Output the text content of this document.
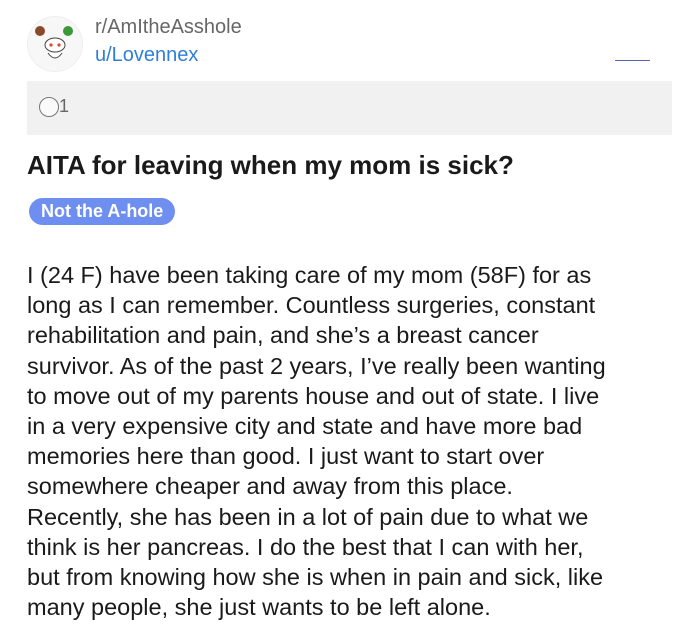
r/AmItheAsshole
u/Lovennex
1
AITA for leaving when my mom is sick?
Not the A-hole
I (24 F) have been taking care of my mom (58F) for as
long as I can remember. Countless surgeries, constant
rehabilitation and pain, and she’s a breast cancer
survivor. As of the past 2 years, I’ve really been wanting
to move out of my parents house and out of state. I live
in a very expensive city and state and have more bad
memories here than good. I just want to start over
somewhere cheaper and away from this place.
Recently, she has been in a lot of pain due to what we
think is her pancreas. I do the best that I can with her,
but from knowing how she is when in pain and sick, like
many people, she just wants to be left alone.
